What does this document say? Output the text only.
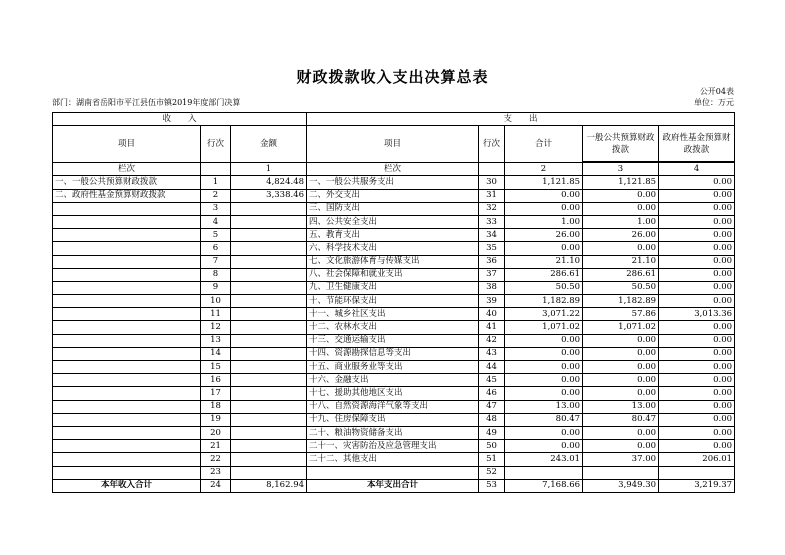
财政拨款收入支出决算总表
公开04表
部门：湖南省岳阳市平江县伍市镇2019年度部门决算	单位：万元
收　　入			支　　出				
项目	行次	金额	项目	行次	合计	一般公共预算财政拨款	政府性基金预算财政拨款

栏次		1	栏次		2	3	4
一、一般公共预算财政拨款	1	4,824.48	一、一般公共服务支出	30	1,121.85	1,121.85	0.00
二、政府性基金预算财政拨款	2	3,338.46	二、外交支出	31	0.00	0.00	0.00
	3		三、国防支出	32	0.00	0.00	0.00
	4		四、公共安全支出	33	1.00	1.00	0.00
	5		五、教育支出	34	26.00	26.00	0.00
	6		六、科学技术支出	35	0.00	0.00	0.00
	7		七、文化旅游体育与传媒支出	36	21.10	21.10	0.00
	8		八、社会保障和就业支出	37	286.61	286.61	0.00
	9		九、卫生健康支出	38	50.50	50.50	0.00
	10		十、节能环保支出	39	1,182.89	1,182.89	0.00
	11		十一、城乡社区支出	40	3,071.22	57.86	3,013.36
	12		十二、农林水支出	41	1,071.02	1,071.02	0.00
	13		十三、交通运输支出	42	0.00	0.00	0.00
	14		十四、资源勘探信息等支出	43	0.00	0.00	0.00
	15		十五、商业服务业等支出	44	0.00	0.00	0.00
	16		十六、金融支出	45	0.00	0.00	0.00
	17		十七、援助其他地区支出	46	0.00	0.00	0.00
	18		十八、自然资源海洋气象等支出	47	13.00	13.00	0.00
	19		十九、住房保障支出	48	80.47	80.47	0.00
	20		二十、粮油物资储备支出	49	0.00	0.00	0.00
	21		二十一、灾害防治及应急管理支出	50	0.00	0.00	0.00
	22		二十二、其他支出	51	243.01	37.00	206.01
	23			52			
本年收入合计	24	8,162.94	本年支出合计	53	7,168.66	3,949.30	3,219.37
